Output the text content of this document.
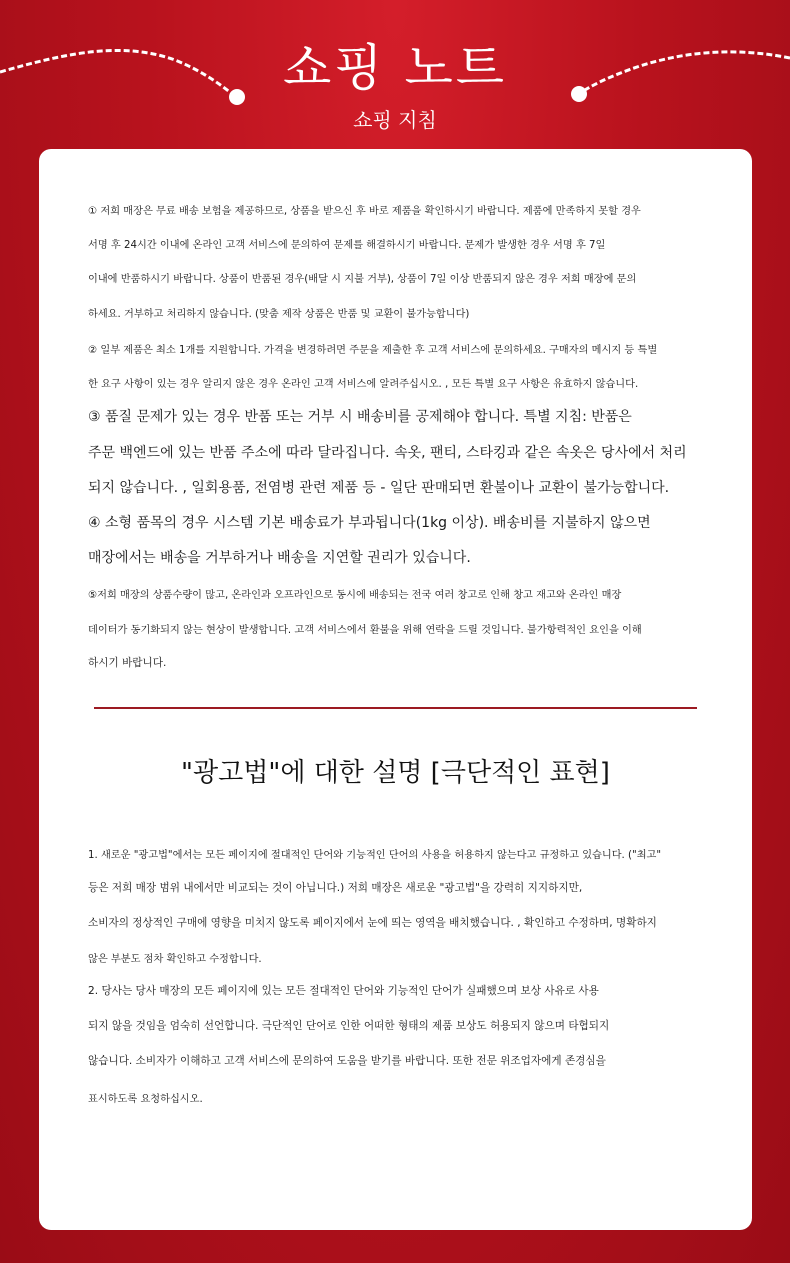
쇼핑 노트
쇼핑 지침
① 저희 매장은 무료 배송 보험을 제공하므로, 상품을 받으신 후 바로 제품을 확인하시기 바랍니다. 제품에 만족하지 못할 경우
서명 후 24시간 이내에 온라인 고객 서비스에 문의하여 문제를 해결하시기 바랍니다. 문제가 발생한 경우 서명 후 7일
이내에 반품하시기 바랍니다. 상품이 반품된 경우(배달 시 지불 거부), 상품이 7일 이상 반품되지 않은 경우 저희 매장에 문의
하세요. 거부하고 처리하지 않습니다. (맞춤 제작 상품은 반품 및 교환이 불가능합니다)
② 일부 제품은 최소 1개를 지원합니다. 가격을 변경하려면 주문을 제출한 후 고객 서비스에 문의하세요. 구매자의 메시지 등 특별
한 요구 사항이 있는 경우 알리지 않은 경우 온라인 고객 서비스에 알려주십시오. , 모든 특별 요구 사항은 유효하지 않습니다.
③ 품질 문제가 있는 경우 반품 또는 거부 시 배송비를 공제해야 합니다. 특별 지침: 반품은
주문 백엔드에 있는 반품 주소에 따라 달라집니다. 속옷, 팬티, 스타킹과 같은 속옷은 당사에서 처리
되지 않습니다. , 일회용품, 전염병 관련 제품 등 - 일단 판매되면 환불이나 교환이 불가능합니다.
④ 소형 품목의 경우 시스템 기본 배송료가 부과됩니다(1kg 이상). 배송비를 지불하지 않으면
매장에서는 배송을 거부하거나 배송을 지연할 권리가 있습니다.
⑤저희 매장의 상품수량이 많고, 온라인과 오프라인으로 동시에 배송되는 전국 여러 창고로 인해 창고 재고와 온라인 매장
데이터가 동기화되지 않는 현상이 발생합니다. 고객 서비스에서 환불을 위해 연락을 드릴 것입니다. 불가항력적인 요인을 이해
하시기 바랍니다.
"광고법"에 대한 설명 [극단적인 표현]
1. 새로운 "광고법"에서는 모든 페이지에 절대적인 단어와 기능적인 단어의 사용을 허용하지 않는다고 규정하고 있습니다. ("최고"
등은 저희 매장 범위 내에서만 비교되는 것이 아닙니다.) 저희 매장은 새로운 "광고법"을 강력히 지지하지만,
소비자의 정상적인 구매에 영향을 미치지 않도록 페이지에서 눈에 띄는 영역을 배치했습니다. , 확인하고 수정하며, 명확하지
않은 부분도 점차 확인하고 수정합니다.
2. 당사는 당사 매장의 모든 페이지에 있는 모든 절대적인 단어와 기능적인 단어가 실패했으며 보상 사유로 사용
되지 않을 것임을 엄숙히 선언합니다. 극단적인 단어로 인한 어떠한 형태의 제품 보상도 허용되지 않으며 타협되지
않습니다. 소비자가 이해하고 고객 서비스에 문의하여 도움을 받기를 바랍니다. 또한 전문 위조업자에게 존경심을
표시하도록 요청하십시오.
